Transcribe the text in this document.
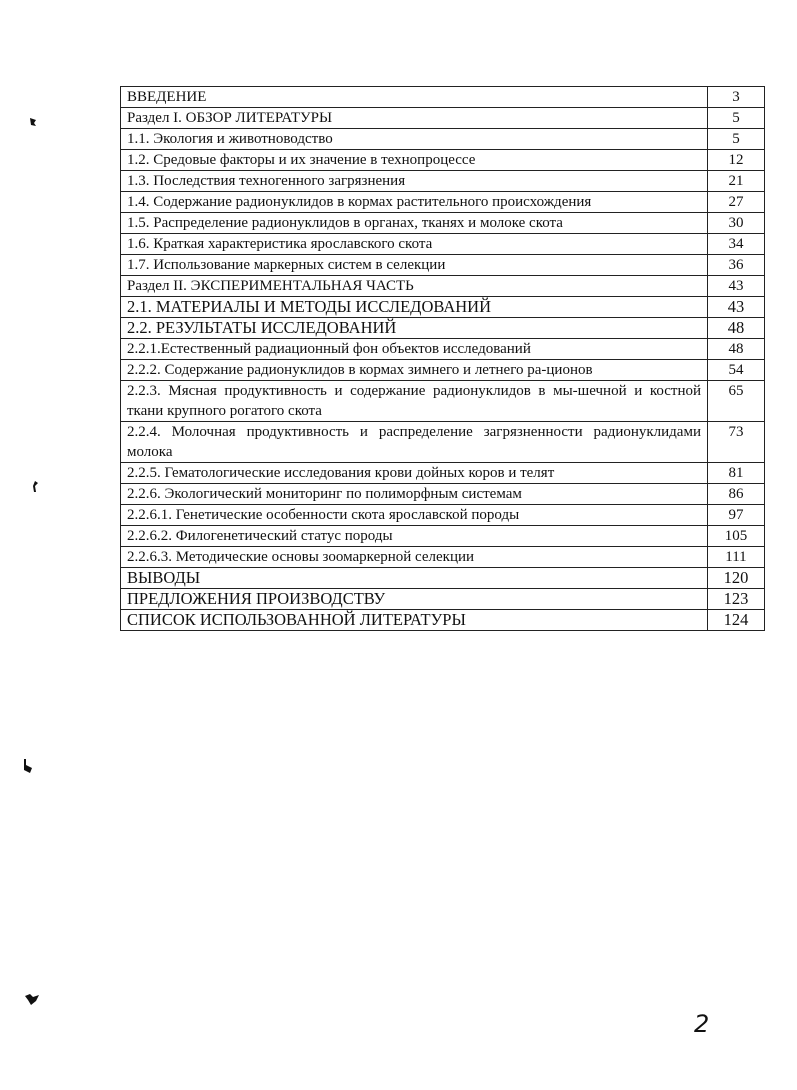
ВВЕДЕНИЕ	3

Раздел I. ОБЗОР ЛИТЕРАТУРЫ	5

1.1. Экология и животноводство	5

1.2. Средовые факторы и их значение в технопроцессе	12

1.3. Последствия техногенного загрязнения	21

1.4. Содержание радионуклидов в кормах растительного происхождения	27

1.5. Распределение радионуклидов в органах, тканях и молоке скота	30

1.6. Краткая характеристика ярославского скота	34

1.7. Использование маркерных систем в селекции	36

Раздел II. ЭКСПЕРИМЕНТАЛЬНАЯ ЧАСТЬ	43

2.1. МАТЕРИАЛЫ И МЕТОДЫ ИССЛЕДОВАНИЙ	43

2.2. РЕЗУЛЬТАТЫ ИССЛЕДОВАНИЙ	48

2.2.1.Естественный радиационный фон объектов исследований	48

2.2.2. Содержание радионуклидов в кормах зимнего и летнего ра-ционов	54

2.2.3. Мясная продуктивность и содержание радионуклидов в мы-шечной и костной ткани крупного рогатого скота	65

2.2.4. Молочная продуктивность и распределение загрязненности радионуклидами молока	73

2.2.5. Гематологические исследования крови дойных коров и телят	81

2.2.6. Экологический мониторинг по полиморфным системам	86

2.2.6.1. Генетические особенности скота ярославской породы	97

2.2.6.2. Филогенетический статус породы	105

2.2.6.3. Методические основы зоомаркерной селекции	111

ВЫВОДЫ	120

ПРЕДЛОЖЕНИЯ ПРОИЗВОДСТВУ	123

СПИСОК ИСПОЛЬЗОВАННОЙ ЛИТЕРАТУРЫ	124
2
